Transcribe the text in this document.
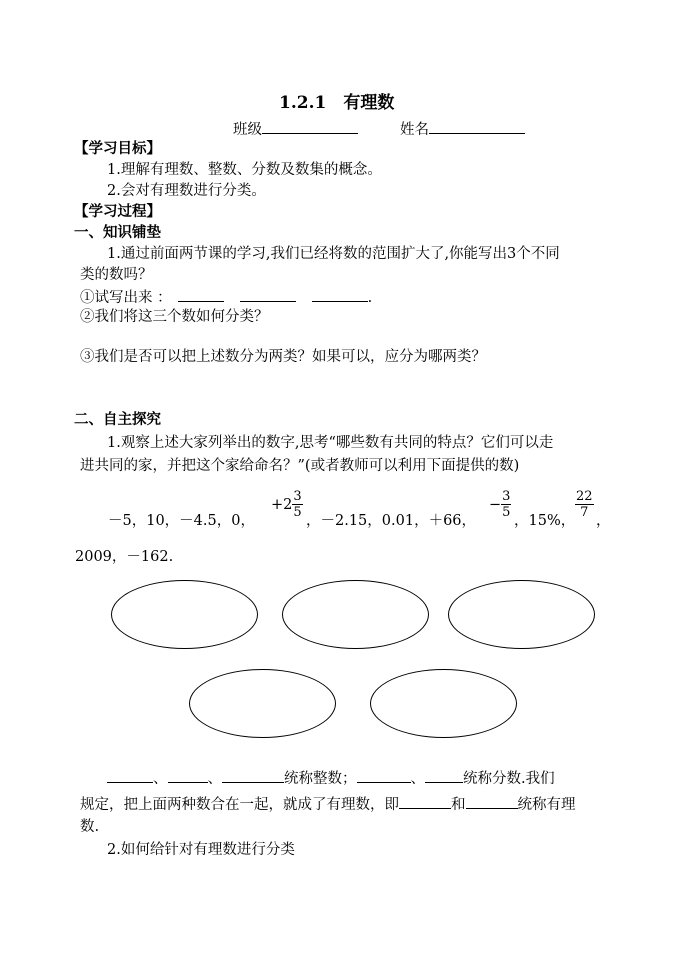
1.2.1　有理数
班级	姓名
【学习目标】
1.理解有理数、整数、分数及数集的概念。
2.会对有理数进行分类。
【学习过程】
一、知识铺垫
1.通过前面两节课的学习,我们已经将数的范围扩大了,你能写出3个不同
类的数吗？
①试写出来 ：	.
②我们将这三个数如何分类？
③我们是否可以把上述数分为两类？如果可以，应分为哪两类？
二、自主探究
1.观察上述大家列举出的数字,思考“哪些数有共同的特点？它们可以走
进共同的家，并把这个家给命名？”(或者教师可以利用下面提供的数)
－5，10，－4.5，0，
$+2 \frac{3}{5}$
，－2.15，0.01，＋66，
− $\frac{3}{5}$
，15%，
$\frac{22}{7}$
，
2009，－162.
、	、	统称整数；	、	统称分数.我们
规定，把上面两种数合在一起，就成了有理数，即	和	统称有理
数.
2.如何给针对有理数进行分类
